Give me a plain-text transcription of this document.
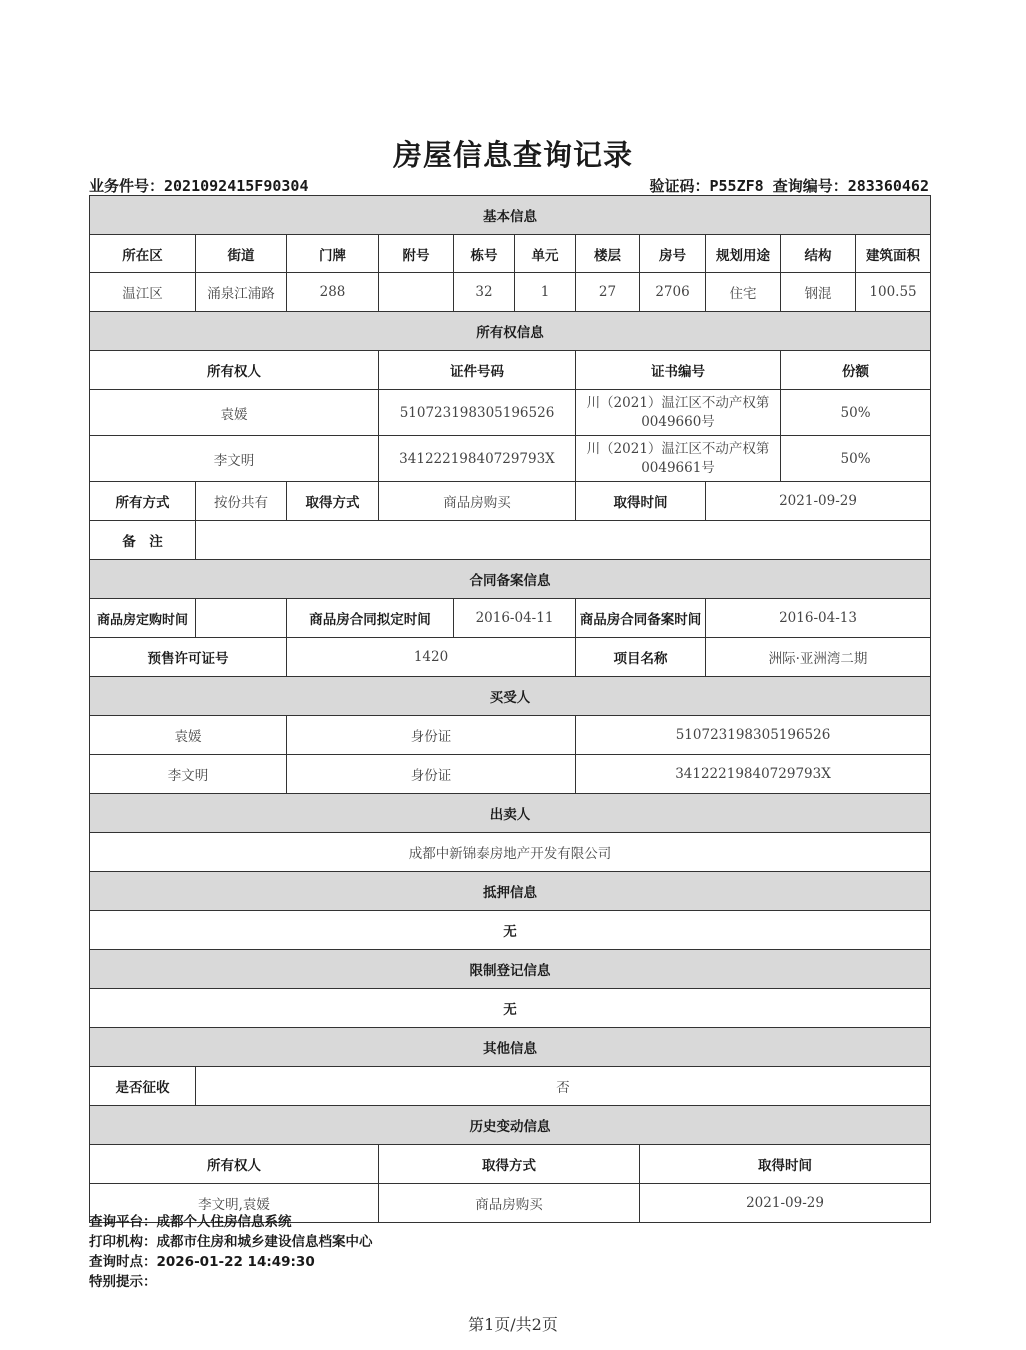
房屋信息查询记录
业务件号：2021092415F90304	验证码：P55ZF8 查询编号：283360462
基本信息										
所在区	街道	门牌	附号	栋号	单元	楼层	房号	规划用途	结构	建筑面积
温江区	涌泉江浦路	288		32	1	27	2706	住宅	钢混	100.55
所有权信息										
所有权人			证件号码			证书编号			份额	
袁媛			510723198305196526			川（2021）温江区不动产权第0049660号			50%	
李文明			34122219840729793X			川（2021）温江区不动产权第0049661号			50%	
所有方式	按份共有	取得方式	商品房购买			取得时间		2021-09-29		
备　注										
合同备案信息										
商品房定购时间		商品房合同拟定时间		2016-04-11		商品房合同备案时间		2016-04-13		
预售许可证号		1420				项目名称		洲际·亚洲湾二期		
买受人										
袁媛		身份证				510723198305196526				
李文明		身份证				34122219840729793X				
出卖人										
成都中新锦泰房地产开发有限公司										
抵押信息										
无										
限制登记信息										
无										
其他信息										
是否征收	否									
历史变动信息										
所有权人			取得方式				取得时间			
李文明,袁媛			商品房购买				2021-09-29			
查询平台：成都个人住房信息系统
打印机构：成都市住房和城乡建设信息档案中心
查询时点：2026-01-22 14:49:30
特别提示：
第1页/共2页
